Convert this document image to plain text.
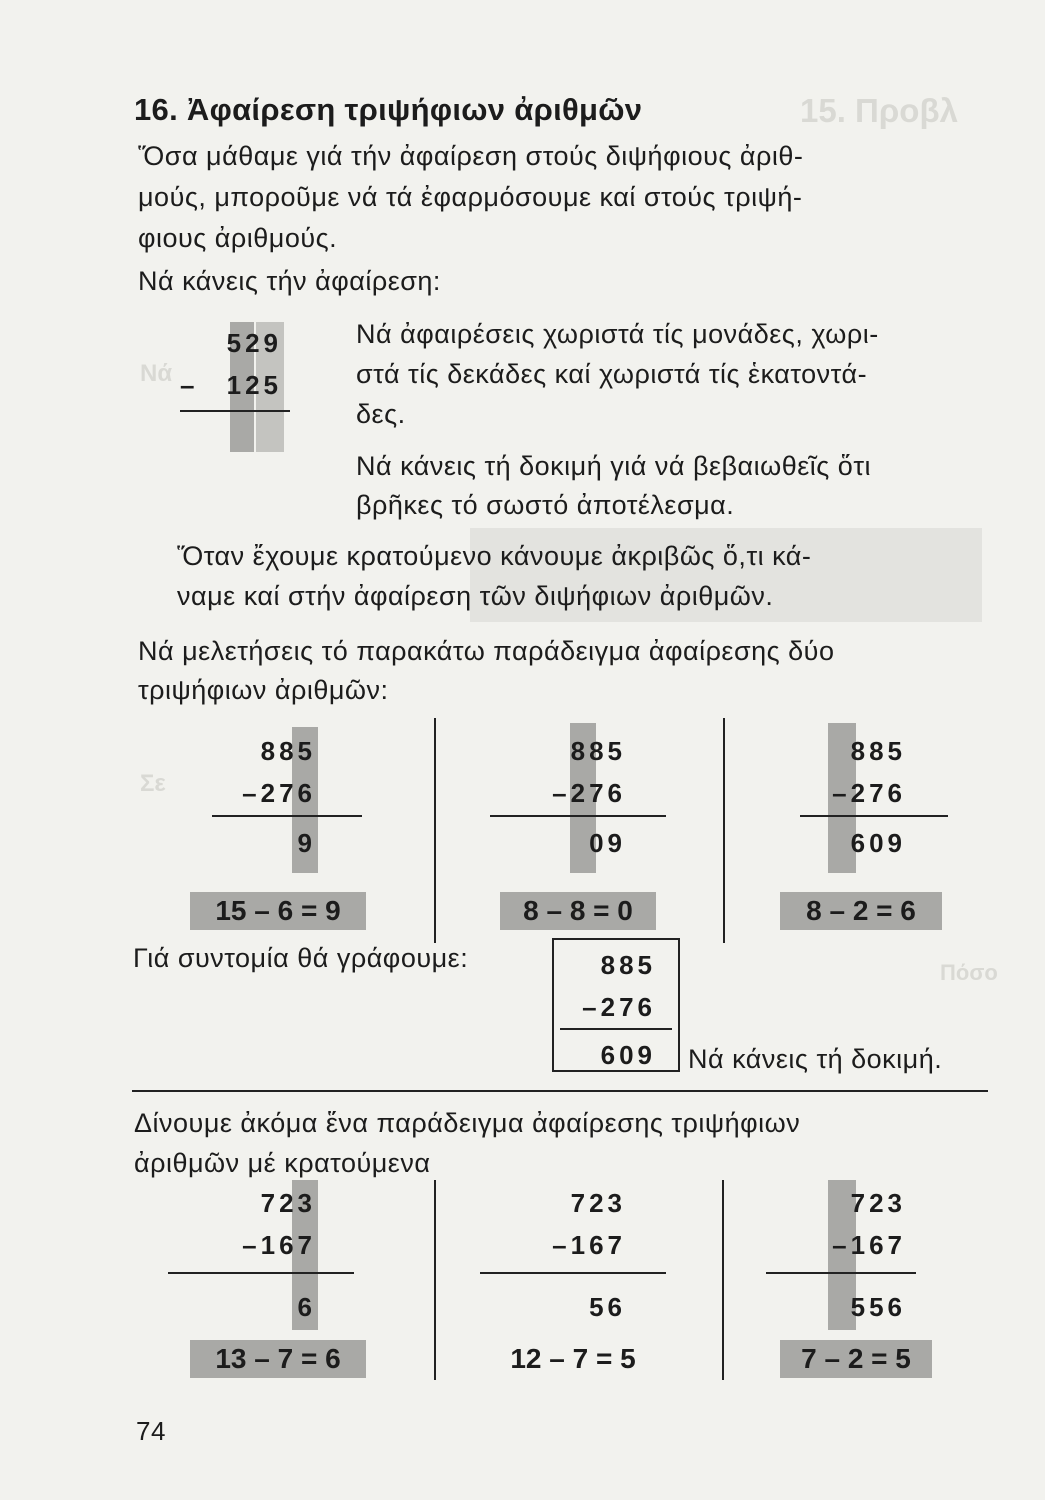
15. Προβλ
Νά
Σε
Πόσο
16. Ἀφαίρεση τριψήφιων ἀριθμῶν
Ὅσα μάθαμε γιά τήν ἀφαίρεση στούς διψήφιους ἀριθ-
μούς, μποροῦμε νά τά ἐφαρμόσουμε καί στούς τριψή-
φιους ἀριθμούς.
Νά κάνεις τήν ἀφαίρεση:
529
–	125
Νά ἀφαιρέσεις χωριστά τίς μονάδες, χωρι-
στά τίς δεκάδες καί χωριστά τίς ἑκατοντά-
δες.
Νά κάνεις τή δοκιμή γιά νά βεβαιωθεῖς ὅτι
βρῆκες τό σωστό ἀποτέλεσμα.
Ὅταν ἔχουμε κρατούμενο κάνουμε ἀκριβῶς ὅ,τι κά-
ναμε καί στήν ἀφαίρεση τῶν διψήφιων ἀριθμῶν.
Νά μελετήσεις τό παρακάτω παράδειγμα ἀφαίρεσης δύο
τριψήφιων ἀριθμῶν:
885
–276
9
15 – 6 = 9
885
–276
09
8 – 8 = 0
885
–276
609
8 – 2 = 6
Γιά συντομία θά γράφουμε:	885
–276
609 Νά κάνεις τή δοκιμή.
Δίνουμε ἀκόμα ἕνα παράδειγμα ἀφαίρεσης τριψήφιων
ἀριθμῶν μέ κρατούμενα
723
–167
6
13 – 7 = 6
723
–167
56
12 – 7 = 5
723
–167
556
7 – 2 = 5
74
